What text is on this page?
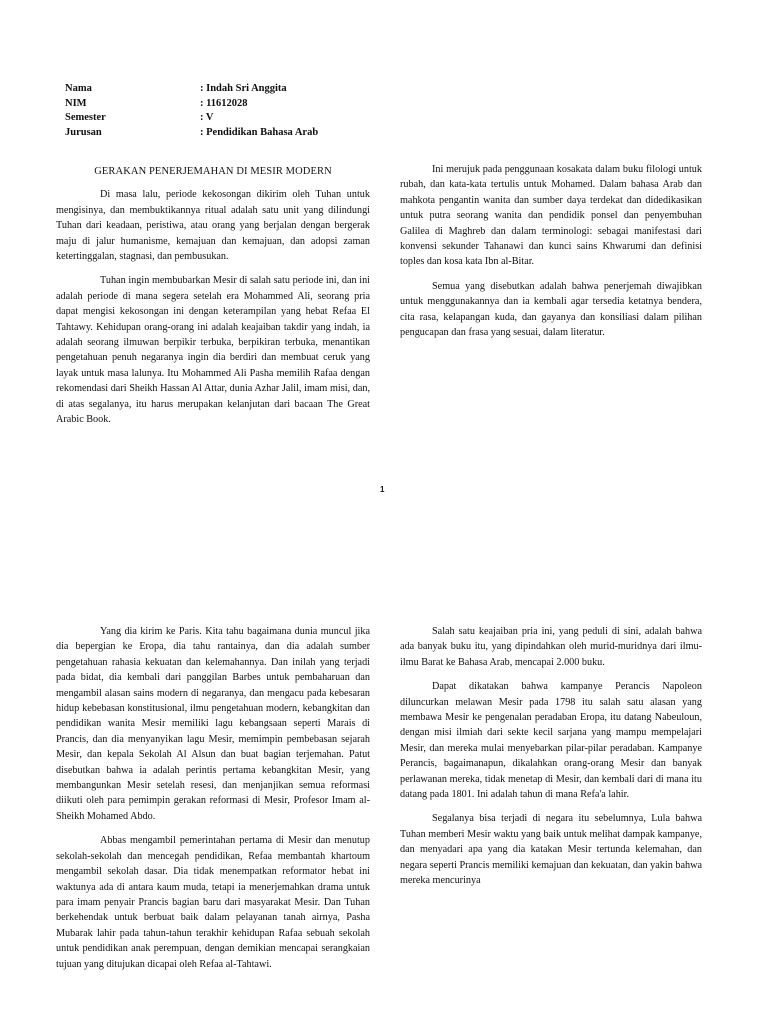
Nama	: Indah Sri Anggita
NIM	: 11612028
Semester	: V
Jurusan	: Pendidikan Bahasa Arab
GERAKAN PENERJEMAHAN DI MESIR MODERN

Di masa lalu, periode kekosongan dikirim oleh Tuhan untuk mengisinya, dan membuktikannya ritual adalah satu unit yang dilindungi Tuhan dari keadaan, peristiwa, atau orang yang berjalan dengan bergerak maju di jalur humanisme, kemajuan dan kemajuan, dan adopsi zaman ketertinggalan, stagnasi, dan pembusukan.

Tuhan ingin membubarkan Mesir di salah satu periode ini, dan ini adalah periode di mana segera setelah era Mohammed Ali, seorang pria dapat mengisi kekosongan ini dengan keterampilan yang hebat Refaa El Tahtawy. Kehidupan orang-orang ini adalah keajaiban takdir yang indah, ia adalah seorang ilmuwan berpikir terbuka, berpikiran terbuka, menantikan pengetahuan penuh negaranya ingin dia berdiri dan membuat ceruk yang layak untuk masa lalunya. Itu Mohammed Ali Pasha memilih Rafaa dengan rekomendasi dari Sheikh Hassan Al Attar, dunia Azhar Jalil, imam misi, dan, di atas segalanya, itu harus merupakan kelanjutan dari bacaan The Great Arabic Book.

Ini merujuk pada penggunaan kosakata dalam buku filologi untuk rubah, dan kata-kata tertulis untuk Mohamed. Dalam bahasa Arab dan mahkota pengantin wanita dan sumber daya terdekat dan didedikasikan untuk putra seorang wanita dan pendidik ponsel dan penyembuhan Galilea di Maghreb dan dalam terminologi: sebagai manifestasi dari konvensi sekunder Tahanawi dan kunci sains Khwarumi dan definisi toples dan kosa kata Ibn al-Bitar.

Semua yang disebutkan adalah bahwa penerjemah diwajibkan untuk menggunakannya dan ia kembali agar tersedia ketatnya bendera, cita rasa, kelapangan kuda, dan gayanya dan konsiliasi dalam pilihan pengucapan dan frasa yang sesuai, dalam literatur.

1

Yang dia kirim ke Paris. Kita tahu bagaimana dunia muncul jika dia bepergian ke Eropa, dia tahu rantainya, dan dia adalah sumber pengetahuan rahasia kekuatan dan kelemahannya. Dan inilah yang terjadi pada bidat, dia kembali dari panggilan Barbes untuk pembaharuan dan mengambil alasan sains modern di negaranya, dan mengacu pada kebesaran hidup kebebasan konstitusional, ilmu pengetahuan modern, kebangkitan dan pendidikan wanita Mesir memiliki lagu kebangsaan seperti Marais di Prancis, dan dia menyanyikan lagu Mesir, memimpin pembebasan sejarah Mesir, dan kepala Sekolah Al Alsun dan buat bagian terjemahan. Patut disebutkan bahwa ia adalah perintis pertama kebangkitan Mesir, yang membangunkan Mesir setelah resesi, dan menjanjikan semua reformasi diikuti oleh para pemimpin gerakan reformasi di Mesir, Profesor Imam al-Sheikh Mohamed Abdo.

Abbas mengambil pemerintahan pertama di Mesir dan menutup sekolah-sekolah dan mencegah pendidikan, Refaa membantah khartoum mengambil sekolah dasar. Dia tidak menempatkan reformator hebat ini waktunya ada di antara kaum muda, tetapi ia menerjemahkan drama untuk para imam penyair Prancis bagian baru dari masyarakat Mesir. Dan Tuhan berkehendak untuk berbuat baik dalam pelayanan tanah airnya, Pasha Mubarak lahir pada tahun-tahun terakhir kehidupan Rafaa sebuah sekolah untuk pendidikan anak perempuan, dengan demikian mencapai serangkaian tujuan yang ditujukan dicapai oleh Refaa al-Tahtawi.

Salah satu keajaiban pria ini, yang peduli di sini, adalah bahwa ada banyak buku itu, yang dipindahkan oleh murid-muridnya dari ilmu-ilmu Barat ke Bahasa Arab, mencapai 2.000 buku.

Dapat dikatakan bahwa kampanye Perancis Napoleon diluncurkan melawan Mesir pada 1798 itu salah satu alasan yang membawa Mesir ke pengenalan peradaban Eropa, itu datang Nabeuloun, dengan misi ilmiah dari sekte kecil sarjana yang mampu mempelajari Mesir, dan mereka mulai menyebarkan pilar-pilar peradaban. Kampanye Perancis, bagaimanapun, dikalahkan orang-orang Mesir dan banyak perlawanan mereka, tidak menetap di Mesir, dan kembali dari di mana itu datang pada 1801. Ini adalah tahun di mana Refa'a lahir.

Segalanya bisa terjadi di negara itu sebelumnya, Lula bahwa Tuhan memberi Mesir waktu yang baik untuk melihat dampak kampanye, dan menyadari apa yang dia katakan Mesir tertunda kelemahan, dan negara seperti Prancis memiliki kemajuan dan kekuatan, dan yakin bahwa mereka mencurinya
